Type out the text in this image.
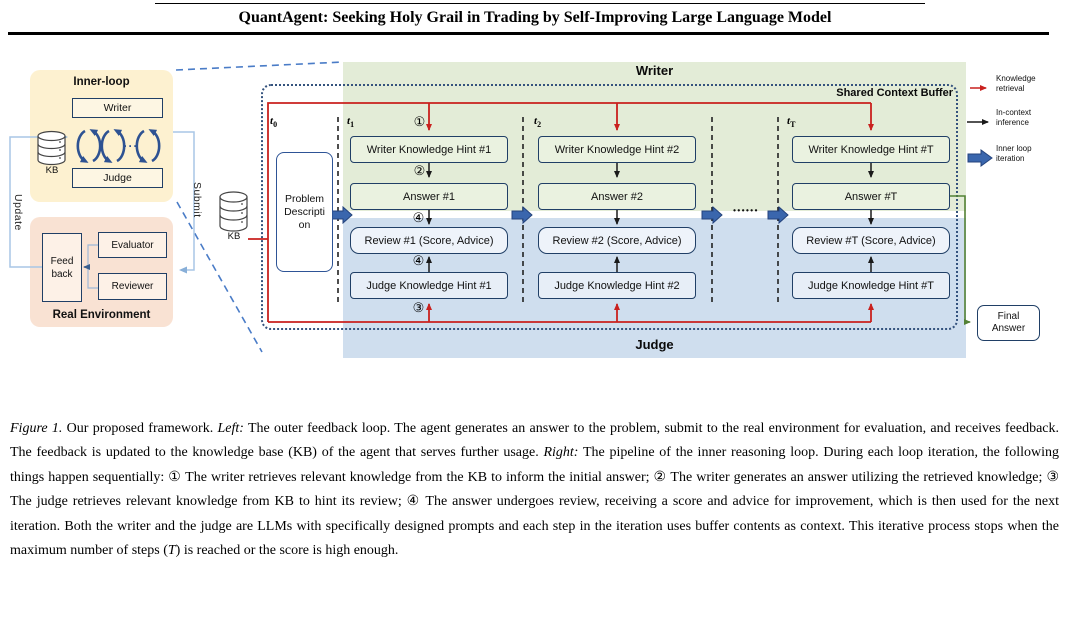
QuantAgent: Seeking Holy Grail in Trading by Self-Improving Large Language Model
Inner-loop
Writer
Judge
···
KB
Update	Submit
Real Environment
Feed
back
Evaluator
Reviewer
Writer
Judge
Shared Context Buffer
KB
Problem
Descripti
on
$t_0$	$t_1$	$t_2$	$t_T$
Writer Knowledge Hint #1
Answer #1
Review #1 (Score, Advice)
Judge Knowledge Hint #1
Writer Knowledge Hint #2
Answer #2
Review #2 (Score, Advice)
Judge Knowledge Hint #2
Writer Knowledge Hint #T
Answer #T
Review #T (Score, Advice)
Judge Knowledge Hint #T
①
②
④
④
③
••••••
Final
Answer
Knowledge
retrieval
In-context
inference
Inner loop
iteration
Figure 1. Our proposed framework. Left: The outer feedback loop. The agent generates an answer to the problem, submit to the real environment for evaluation, and receives feedback. The feedback is updated to the knowledge base (KB) of the agent that serves further usage. Right: The pipeline of the inner reasoning loop. During each loop iteration, the following things happen sequentially: ① The writer retrieves relevant knowledge from the KB to inform the initial answer; ② The writer generates an answer utilizing the retrieved knowledge; ③ The judge retrieves relevant knowledge from KB to hint its review; ④ The answer undergoes review, receiving a score and advice for improvement, which is then used for the next iteration. Both the writer and the judge are LLMs with specifically designed prompts and each step in the iteration uses buffer contents as context. This iterative process stops when the maximum number of steps (T) is reached or the score is high enough.
